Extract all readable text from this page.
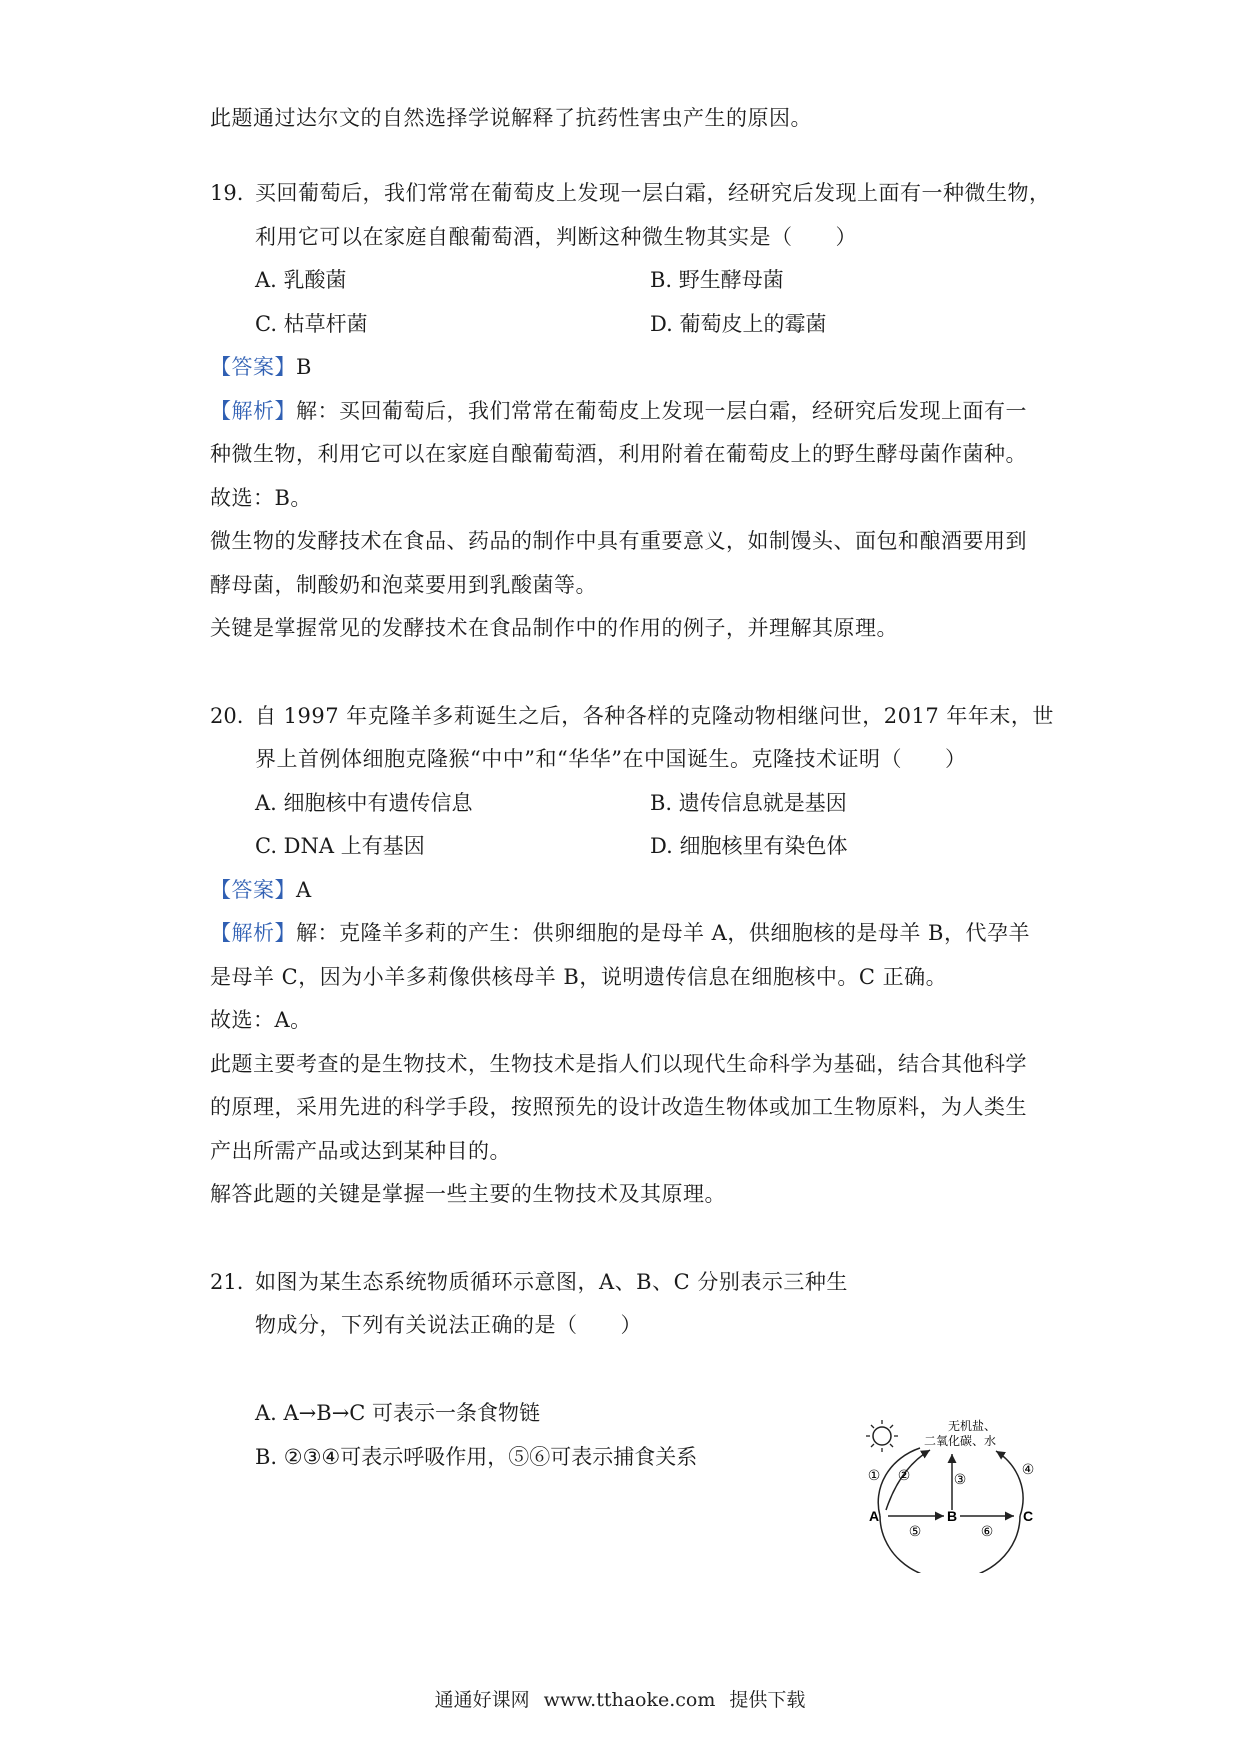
此题通过达尔文的自然选择学说解释了抗药性害虫产生的原因。
19. 买回葡萄后，我们常常在葡萄皮上发现一层白霜，经研究后发现上面有一种微生物，
利用它可以在家庭自酿葡萄酒，判断这种微生物其实是（　　）
A. 乳酸菌	B. 野生酵母菌
C. 枯草杆菌	D. 葡萄皮上的霉菌
【答案】B
【解析】解：买回葡萄后，我们常常在葡萄皮上发现一层白霜，经研究后发现上面有一
种微生物，利用它可以在家庭自酿葡萄酒，利用附着在葡萄皮上的野生酵母菌作菌种。
故选：B。
微生物的发酵技术在食品、药品的制作中具有重要意义，如制馒头、面包和酿酒要用到
酵母菌，制酸奶和泡菜要用到乳酸菌等。
关键是掌握常见的发酵技术在食品制作中的作用的例子，并理解其原理。
20. 自 1997 年克隆羊多莉诞生之后，各种各样的克隆动物相继问世，2017 年年末，世
界上首例体细胞克隆猴“中中”和“华华”在中国诞生。克隆技术证明（　　）
A. 细胞核中有遗传信息	B. 遗传信息就是基因
C. DNA 上有基因	D. 细胞核里有染色体
【答案】A
【解析】解：克隆羊多莉的产生：供卵细胞的是母羊 A，供细胞核的是母羊 B，代孕羊
是母羊 C，因为小羊多莉像供核母羊 B，说明遗传信息在细胞核中。C 正确。
故选：A。
此题主要考查的是生物技术，生物技术是指人们以现代生命科学为基础，结合其他科学
的原理，采用先进的科学手段，按照预先的设计改造生物体或加工生物原料，为人类生
产出所需产品或达到某种目的。
解答此题的关键是掌握一些主要的生物技术及其原理。
21. 如图为某生态系统物质循环示意图，A、B、C 分别表示三种生
物成分，下列有关说法正确的是（　　）
A. A→B→C 可表示一条食物链
B. ②③④可表示呼吸作用，⑤⑥可表示捕食关系
无机盐、
二氧化碳、水
A	B	C
① ②	③
④
⑤	⑥
通通好课网 www.tthaoke.com 提供下载
